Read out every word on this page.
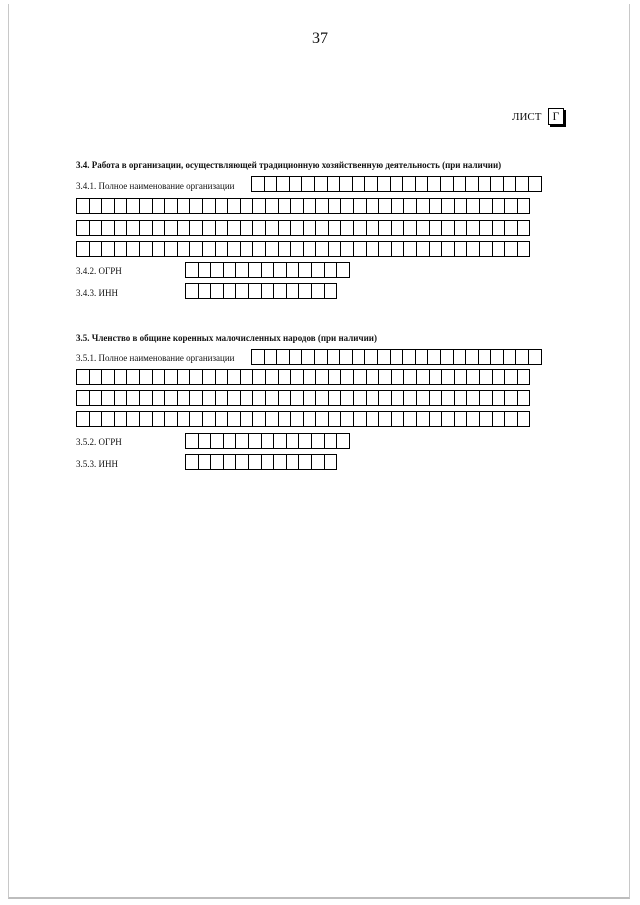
37
ЛИСТ Г
3.4. Работа в организации, осуществляющей традиционную хозяйственную деятельность (при наличии)
3.4.1. Полное наименование организации
3.4.2. ОГРН
3.4.3. ИНН
3.5. Членство в общине коренных малочисленных народов (при наличии)
3.5.1. Полное наименование организации
3.5.2. ОГРН
3.5.3. ИНН
